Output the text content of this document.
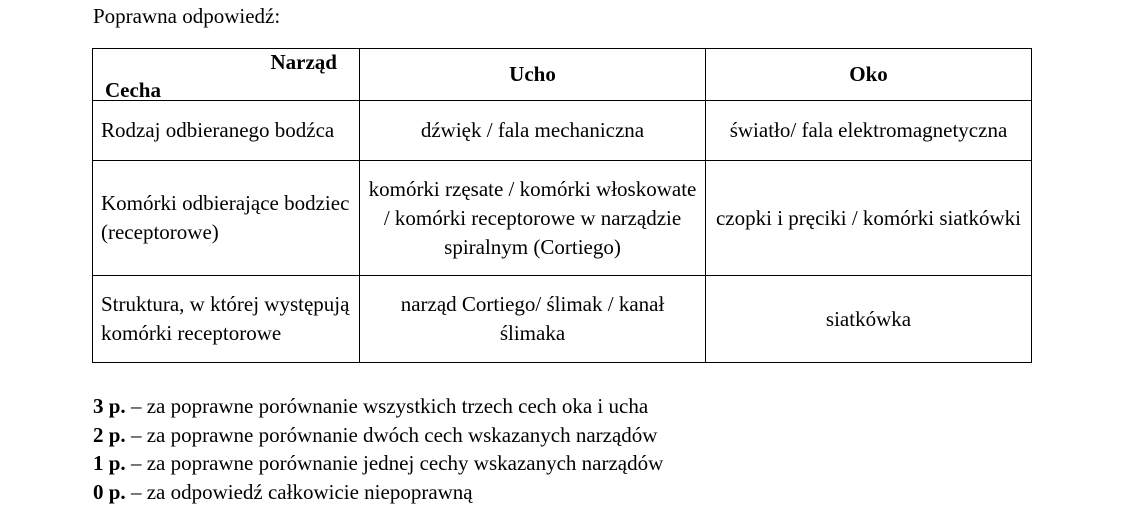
Poprawna odpowiedź:

Narząd
Cecha	Ucho	Oko
Rodzaj odbieranego bodźca	dźwięk / fala mechaniczna	światło/ fala elektromagnetyczna
Komórki odbierające bodziec (receptorowe)	komórki rzęsate / komórki włoskowate / komórki receptorowe w narządzie spiralnym (Cortiego)	czopki i pręciki / komórki siatkówki
Struktura, w której występują komórki receptorowe	narząd Cortiego/ ślimak / kanał ślimaka	siatkówka
3 p. – za poprawne porównanie wszystkich trzech cech oka i ucha
2 p. – za poprawne porównanie dwóch cech wskazanych narządów
1 p. – za poprawne porównanie jednej cechy wskazanych narządów
0 p. – za odpowiedź całkowicie niepoprawną
